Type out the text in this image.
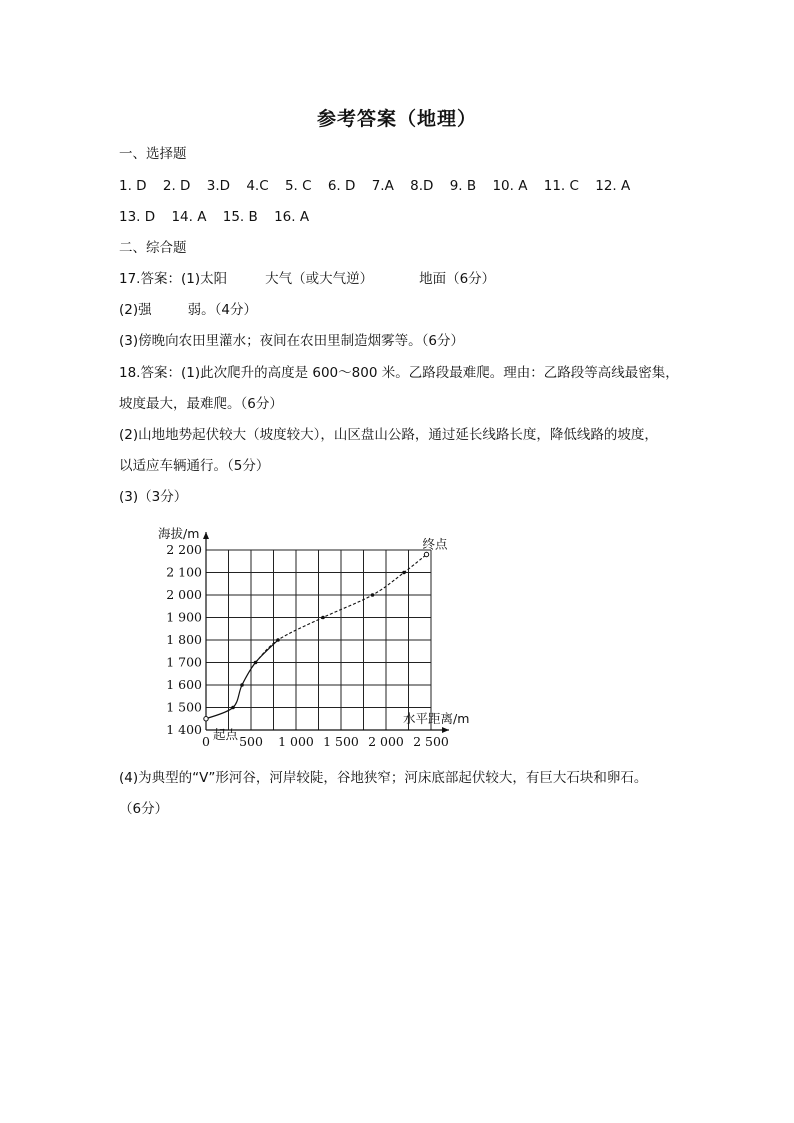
参考答案（地理）
一、选择题
1. D 2. D 3.D 4.C 5. C 6. D 7.A 8.D 9. B 10. A 11. C 12. A
13. D 14. A 15. B 16. A
二、综合题
17.答案：(1)太阳	大气（或大气逆）	地面（6分）
(2)强	弱。（4分）
(3)傍晚向农田里灌水；夜间在农田里制造烟雾等。（6分）
18.答案：(1)此次爬升的高度是 600～800 米。乙路段最难爬。理由：乙路段等高线最密集，
坡度最大，最难爬。（6分）
(2)山地地势起伏较大（坡度较大），山区盘山公路，通过延长线路长度，降低线路的坡度，
以适应车辆通行。（5分）
(3)（3分）
1 400
1 500
1 600
1 700
1 800
1 900
2 000
2 100
2 200
0 500 1 000 1 500 2 000 2 500
海拔/m
水平距离/m
起点
终点
(4)为典型的“V”形河谷，河岸较陡，谷地狭窄；河床底部起伏较大，有巨大石块和卵石。
（6分）
